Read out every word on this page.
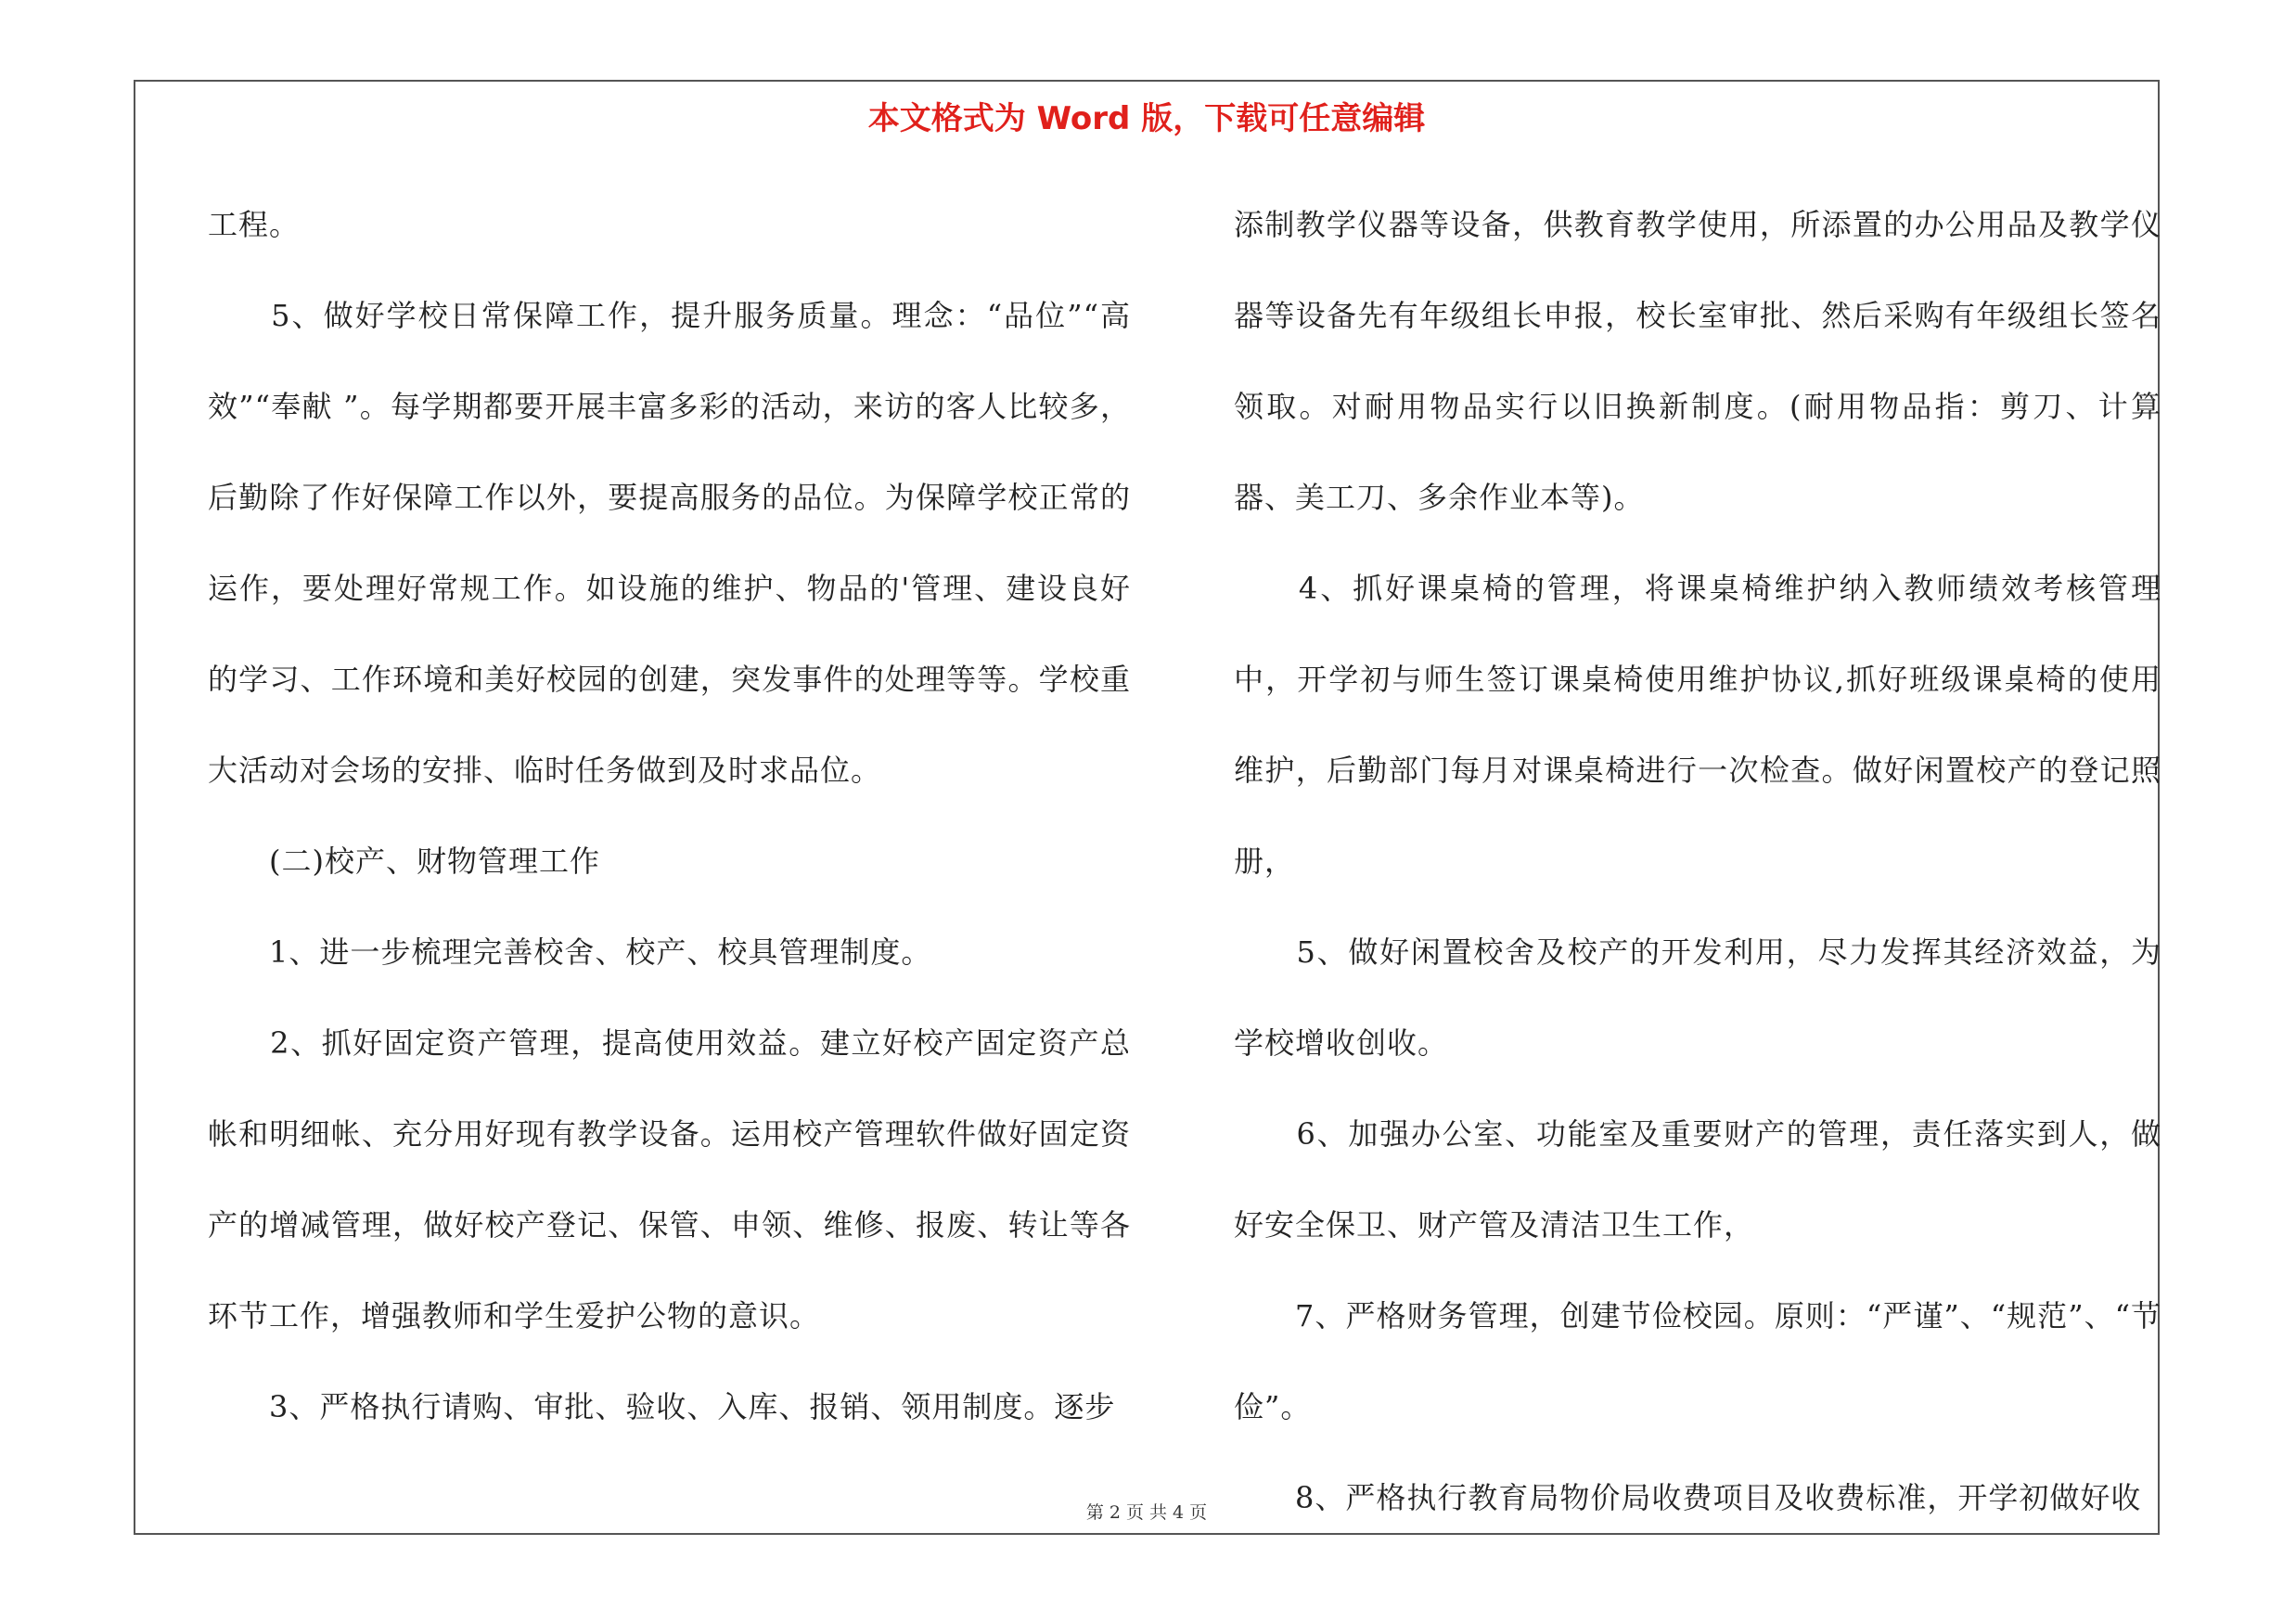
本文格式为 Word 版，下载可任意编辑

工程。

　　5、做好学校日常保障工作，提升服务质量。理念：“品位”“高效”“奉献 ”。每学期都要开展丰富多彩的活动，来访的客人比较多，后勤除了作好保障工作以外，要提高服务的品位。为保障学校正常的运作，要处理好常规工作。如设施的维护、物品的'管理、建设良好的学习、工作环境和美好校园的创建，突发事件的处理等等。学校重大活动对会场的安排、临时任务做到及时求品位。

　　(二)校产、财物管理工作

　　1、进一步梳理完善校舍、校产、校具管理制度。

　　2、抓好固定资产管理，提高使用效益。建立好校产固定资产总帐和明细帐、充分用好现有教学设备。运用校产管理软件做好固定资产的增减管理，做好校产登记、保管、申领、维修、报废、转让等各环节工作，增强教师和学生爱护公物的意识。

　　3、严格执行请购、审批、验收、入库、报销、领用制度。逐步

添制教学仪器等设备，供教育教学使用，所添置的办公用品及教学仪器等设备先有年级组长申报，校长室审批、然后采购有年级组长签名领取。对耐用物品实行以旧换新制度。(耐用物品指：剪刀、计算器、美工刀、多余作业本等)。

　　4、抓好课桌椅的管理，将课桌椅维护纳入教师绩效考核管理中，开学初与师生签订课桌椅使用维护协议,抓好班级课桌椅的使用维护，后勤部门每月对课桌椅进行一次检查。做好闲置校产的登记照册，

　　5、做好闲置校舍及校产的开发利用，尽力发挥其经济效益，为学校增收创收。

　　6、加强办公室、功能室及重要财产的管理，责任落实到人，做好安全保卫、财产管及清洁卫生工作，

　　7、严格财务管理，创建节俭校园。原则：“严谨”、“规范”、“节俭”。

　　8、严格执行教育局物价局收费项目及收费标准，开学初做好收

第 2 页 共 4 页
